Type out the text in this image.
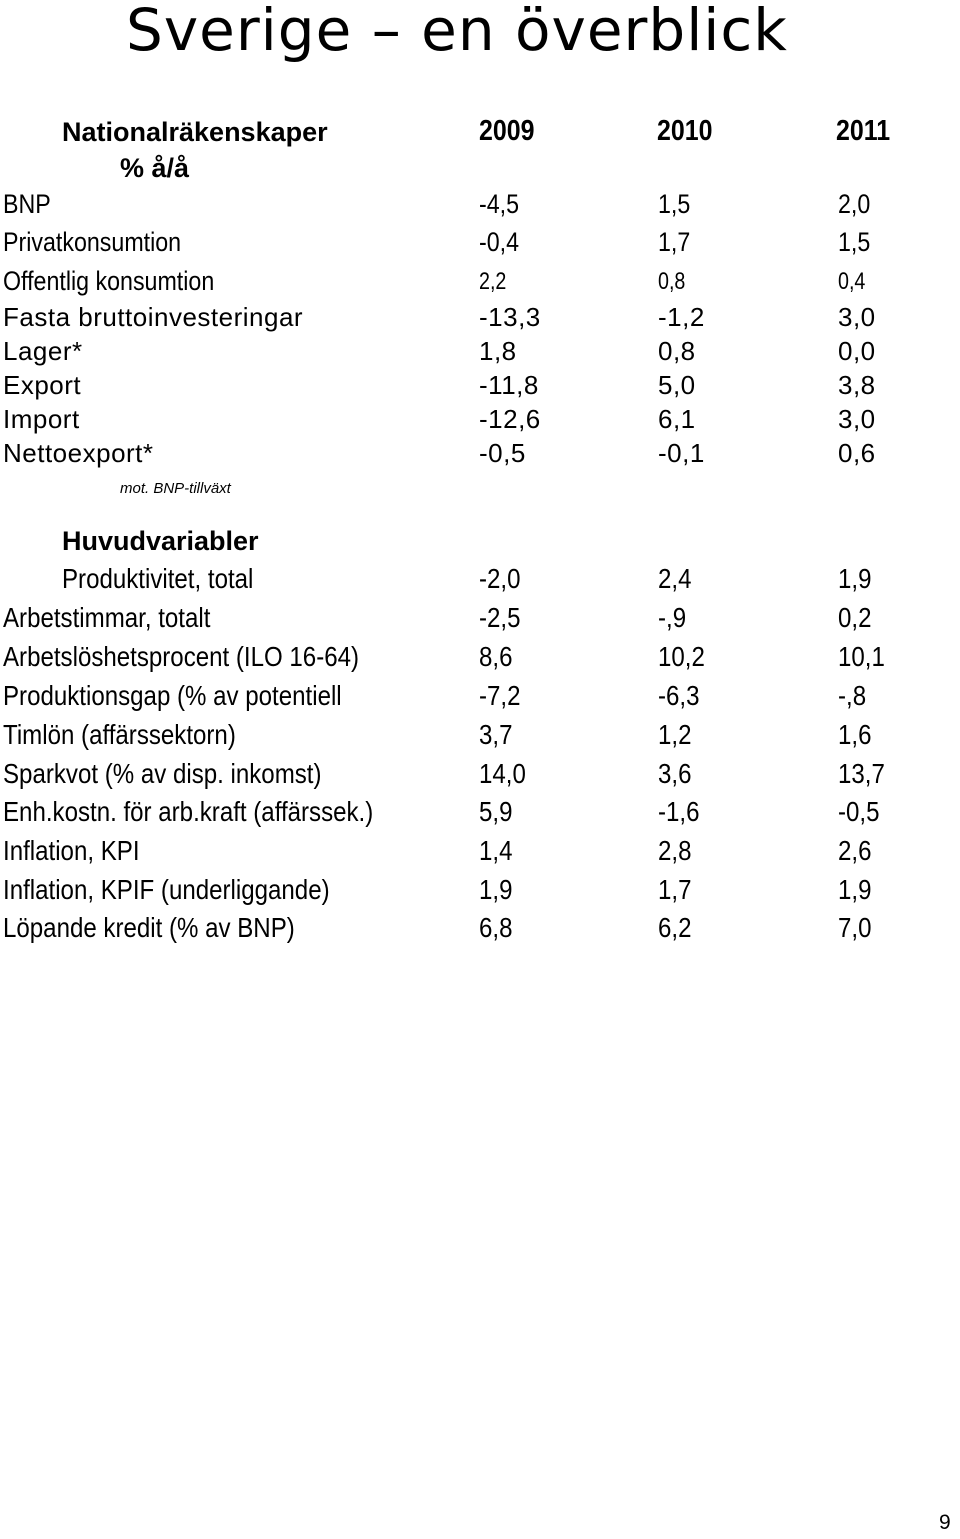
Sverige – en överblick
Nationalräkenskaper
% å/å
2009	2010	2011
BNP	-4,5	1,5	2,0
Privatkonsumtion	-0,4	1,7	1,5
Offentlig konsumtion	2,2	0,8	0,4
Fasta bruttoinvesteringar	-13,3	-1,2	3,0
Lager*	1,8	0,8	0,0
Export	-11,8	5,0	3,8
Import	-12,6	6,1	3,0
Nettoexport*	-0,5	-0,1	0,6
mot. BNP-tillväxt
Huvudvariabler
Produktivitet, total	-2,0	2,4	1,9
Arbetstimmar, totalt	-2,5	-,9	0,2
Arbetslöshetsprocent (ILO 16-64)	8,6	10,2	10,1
Produktionsgap (% av potentiell	-7,2	-6,3	-,8
Timlön (affärssektorn)	3,7	1,2	1,6
Sparkvot (% av disp. inkomst)	14,0	3,6	13,7
Enh.kostn. för arb.kraft (affärssek.)	5,9	-1,6	-0,5
Inflation, KPI	1,4	2,8	2,6
Inflation, KPIF (underliggande)	1,9	1,7	1,9
Löpande kredit (% av BNP)	6,8	6,2	7,0
9
